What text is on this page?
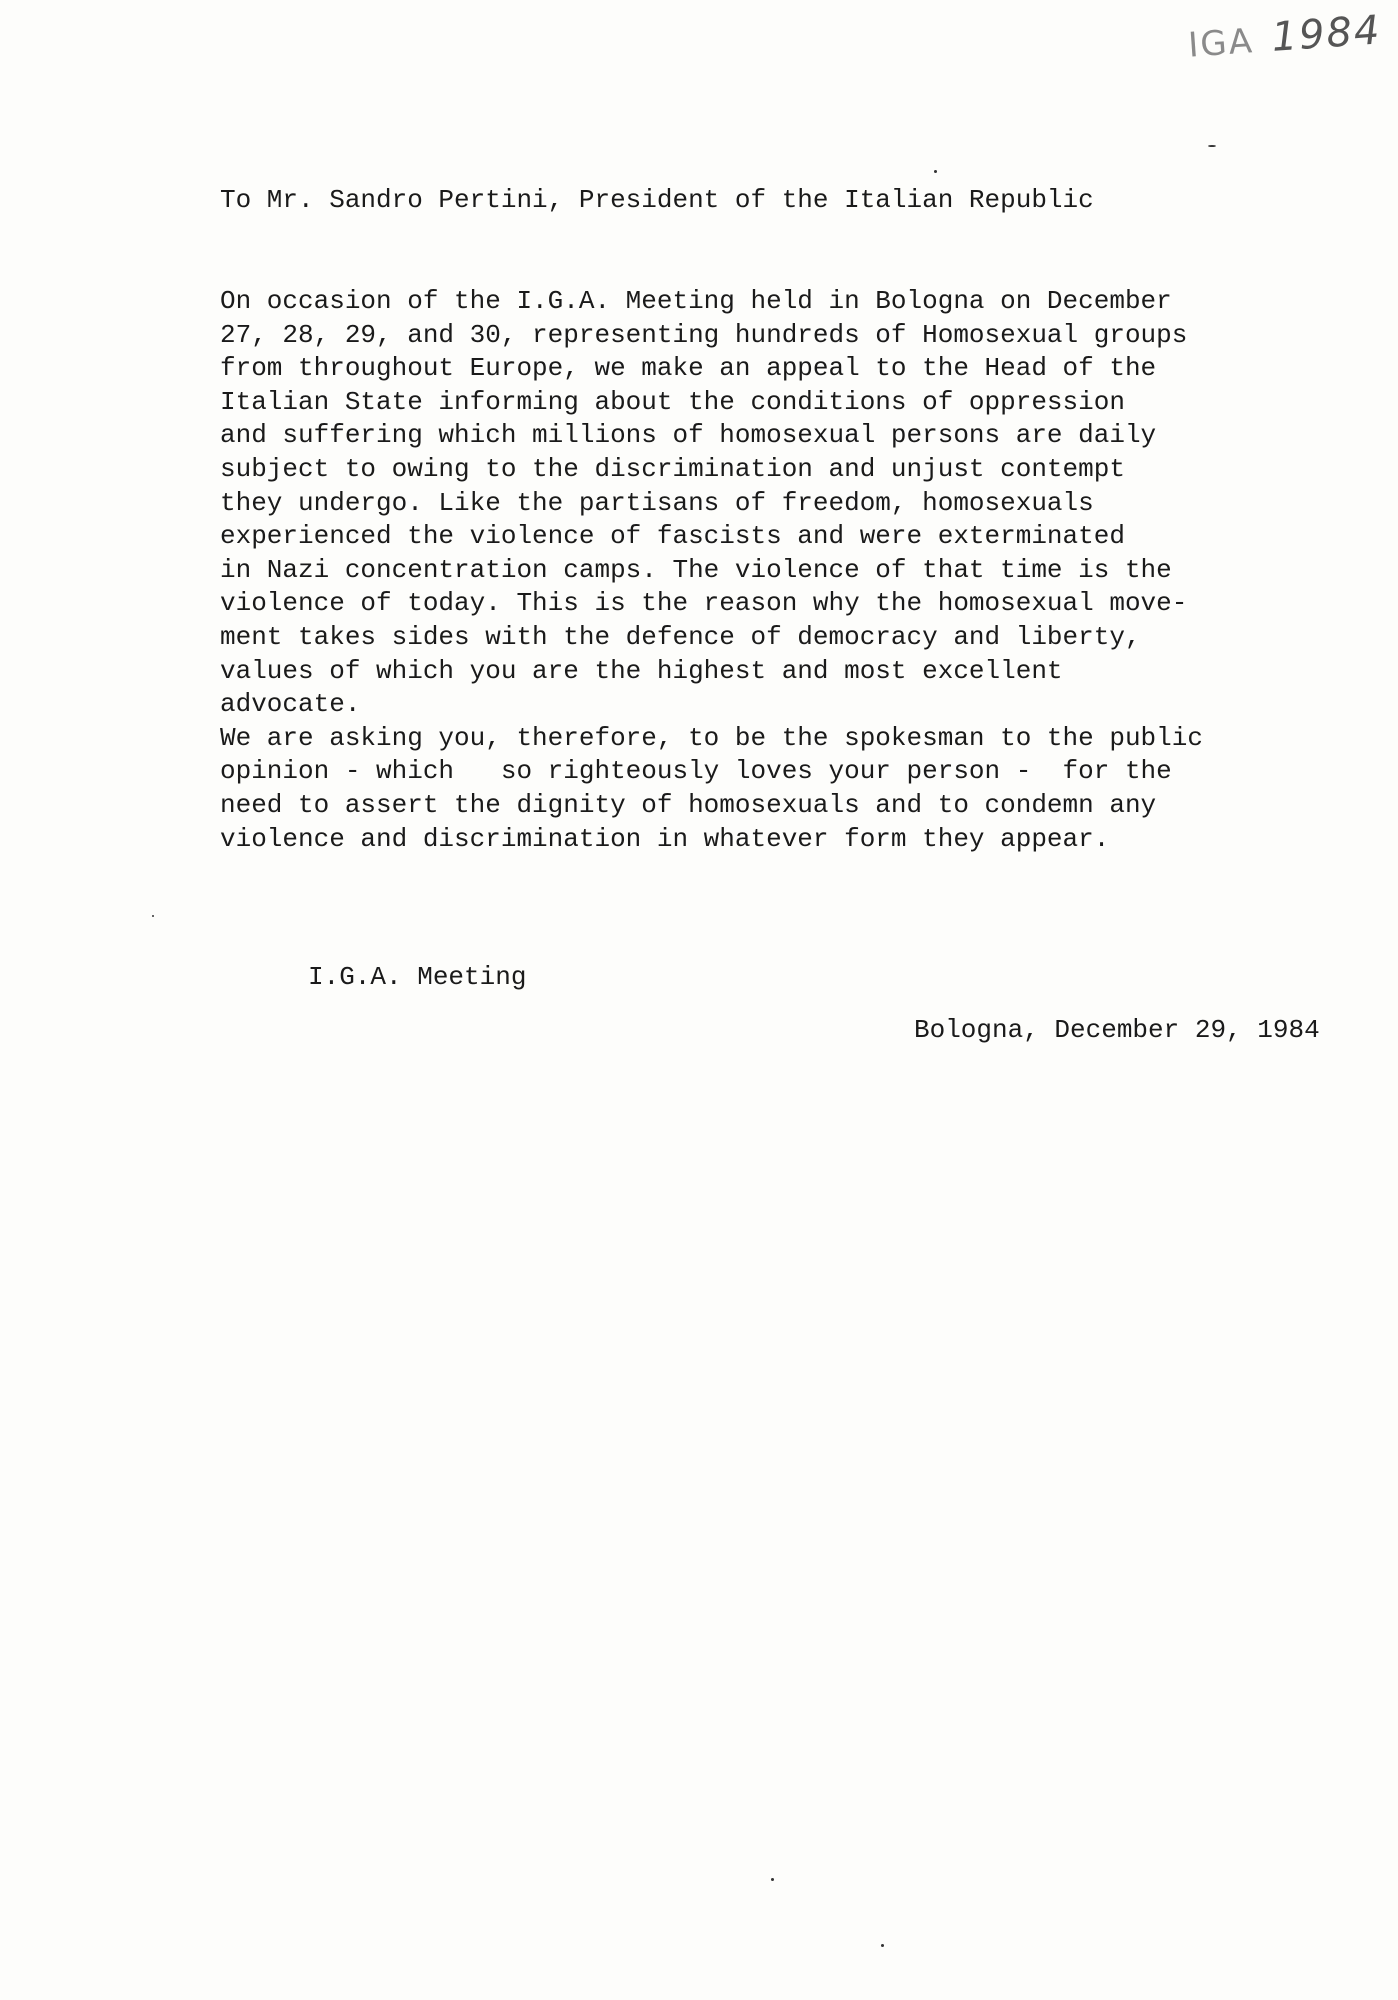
IGA 1984
To Mr. Sandro Pertini, President of the Italian Republic
On occasion of the I.G.A. Meeting held in Bologna on December
27, 28, 29, and 30, representing hundreds of Homosexual groups
from throughout Europe, we make an appeal to the Head of the
Italian State informing about the conditions of oppression
and suffering which millions of homosexual persons are daily
subject to owing to the discrimination and unjust contempt
they undergo. Like the partisans of freedom, homosexuals
experienced the violence of fascists and were exterminated
in Nazi concentration camps. The violence of that time is the
violence of today. This is the reason why the homosexual move-
ment takes sides with the defence of democracy and liberty,
values of which you are the highest and most excellent
advocate.
We are asking you, therefore, to be the spokesman to the public
opinion - which   so righteously loves your person -  for the
need to assert the dignity of homosexuals and to condemn any
violence and discrimination in whatever form they appear.
I.G.A. Meeting
Bologna, December 29, 1984
